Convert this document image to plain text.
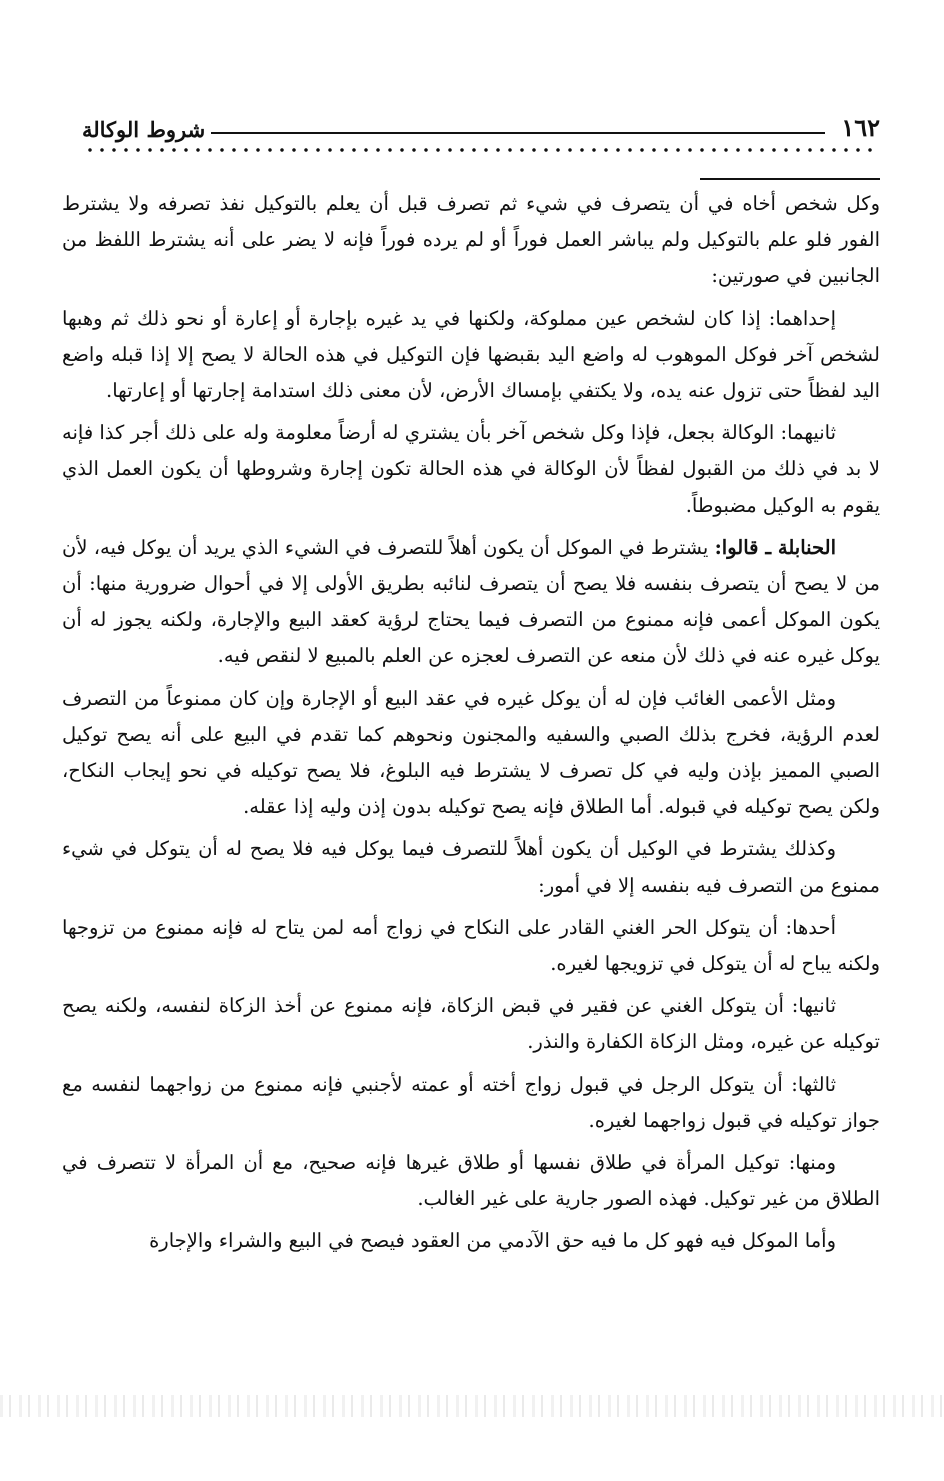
١٦٢
شروط الوكالة

وكل شخص أخاه في أن يتصرف في شيء ثم تصرف قبل أن يعلم بالتوكيل نفذ تصرفه ولا يشترط الفور فلو علم بالتوكيل ولم يباشر العمل فوراً أو لم يرده فوراً فإنه لا يضر على أنه يشترط اللفظ من الجانبين في صورتين:

إحداهما: إذا كان لشخص عين مملوكة، ولكنها في يد غيره بإجارة أو إعارة أو نحو ذلك ثم وهبها لشخص آخر فوكل الموهوب له واضع اليد بقبضها فإن التوكيل في هذه الحالة لا يصح إلا إذا قبله واضع اليد لفظاً حتى تزول عنه يده، ولا يكتفي بإمساك الأرض، لأن معنى ذلك استدامة إجارتها أو إعارتها.

ثانيهما: الوكالة بجعل، فإذا وكل شخص آخر بأن يشتري له أرضاً معلومة وله على ذلك أجر كذا فإنه لا بد في ذلك من القبول لفظاً لأن الوكالة في هذه الحالة تكون إجارة وشروطها أن يكون العمل الذي يقوم به الوكيل مضبوطاً.

الحنابلة ـ قالوا: يشترط في الموكل أن يكون أهلاً للتصرف في الشيء الذي يريد أن يوكل فيه، لأن من لا يصح أن يتصرف بنفسه فلا يصح أن يتصرف لنائبه بطريق الأولى إلا في أحوال ضرورية منها: أن يكون الموكل أعمى فإنه ممنوع من التصرف فيما يحتاج لرؤية كعقد البيع والإجارة، ولكنه يجوز له أن يوكل غيره عنه في ذلك لأن منعه عن التصرف لعجزه عن العلم بالمبيع لا لنقص فيه.

ومثل الأعمى الغائب فإن له أن يوكل غيره في عقد البيع أو الإجارة وإن كان ممنوعاً من التصرف لعدم الرؤية، فخرج بذلك الصبي والسفيه والمجنون ونحوهم كما تقدم في البيع على أنه يصح توكيل الصبي المميز بإذن وليه في كل تصرف لا يشترط فيه البلوغ، فلا يصح توكيله في نحو إيجاب النكاح، ولكن يصح توكيله في قبوله. أما الطلاق فإنه يصح توكيله بدون إذن وليه إذا عقله.

وكذلك يشترط في الوكيل أن يكون أهلاً للتصرف فيما يوكل فيه فلا يصح له أن يتوكل في شيء ممنوع من التصرف فيه بنفسه إلا في أمور:

أحدها: أن يتوكل الحر الغني القادر على النكاح في زواج أمه لمن يتاح له فإنه ممنوع من تزوجها ولكنه يباح له أن يتوكل في تزويجها لغيره.

ثانيها: أن يتوكل الغني عن فقير في قبض الزكاة، فإنه ممنوع عن أخذ الزكاة لنفسه، ولكنه يصح توكيله عن غيره، ومثل الزكاة الكفارة والنذر.

ثالثها: أن يتوكل الرجل في قبول زواج أخته أو عمته لأجنبي فإنه ممنوع من زواجهما لنفسه مع جواز توكيله في قبول زواجهما لغيره.

ومنها: توكيل المرأة في طلاق نفسها أو طلاق غيرها فإنه صحيح، مع أن المرأة لا تتصرف في الطلاق من غير توكيل. فهذه الصور جارية على غير الغالب.

وأما الموكل فيه فهو كل ما فيه حق الآدمي من العقود فيصح في البيع والشراء والإجارة
